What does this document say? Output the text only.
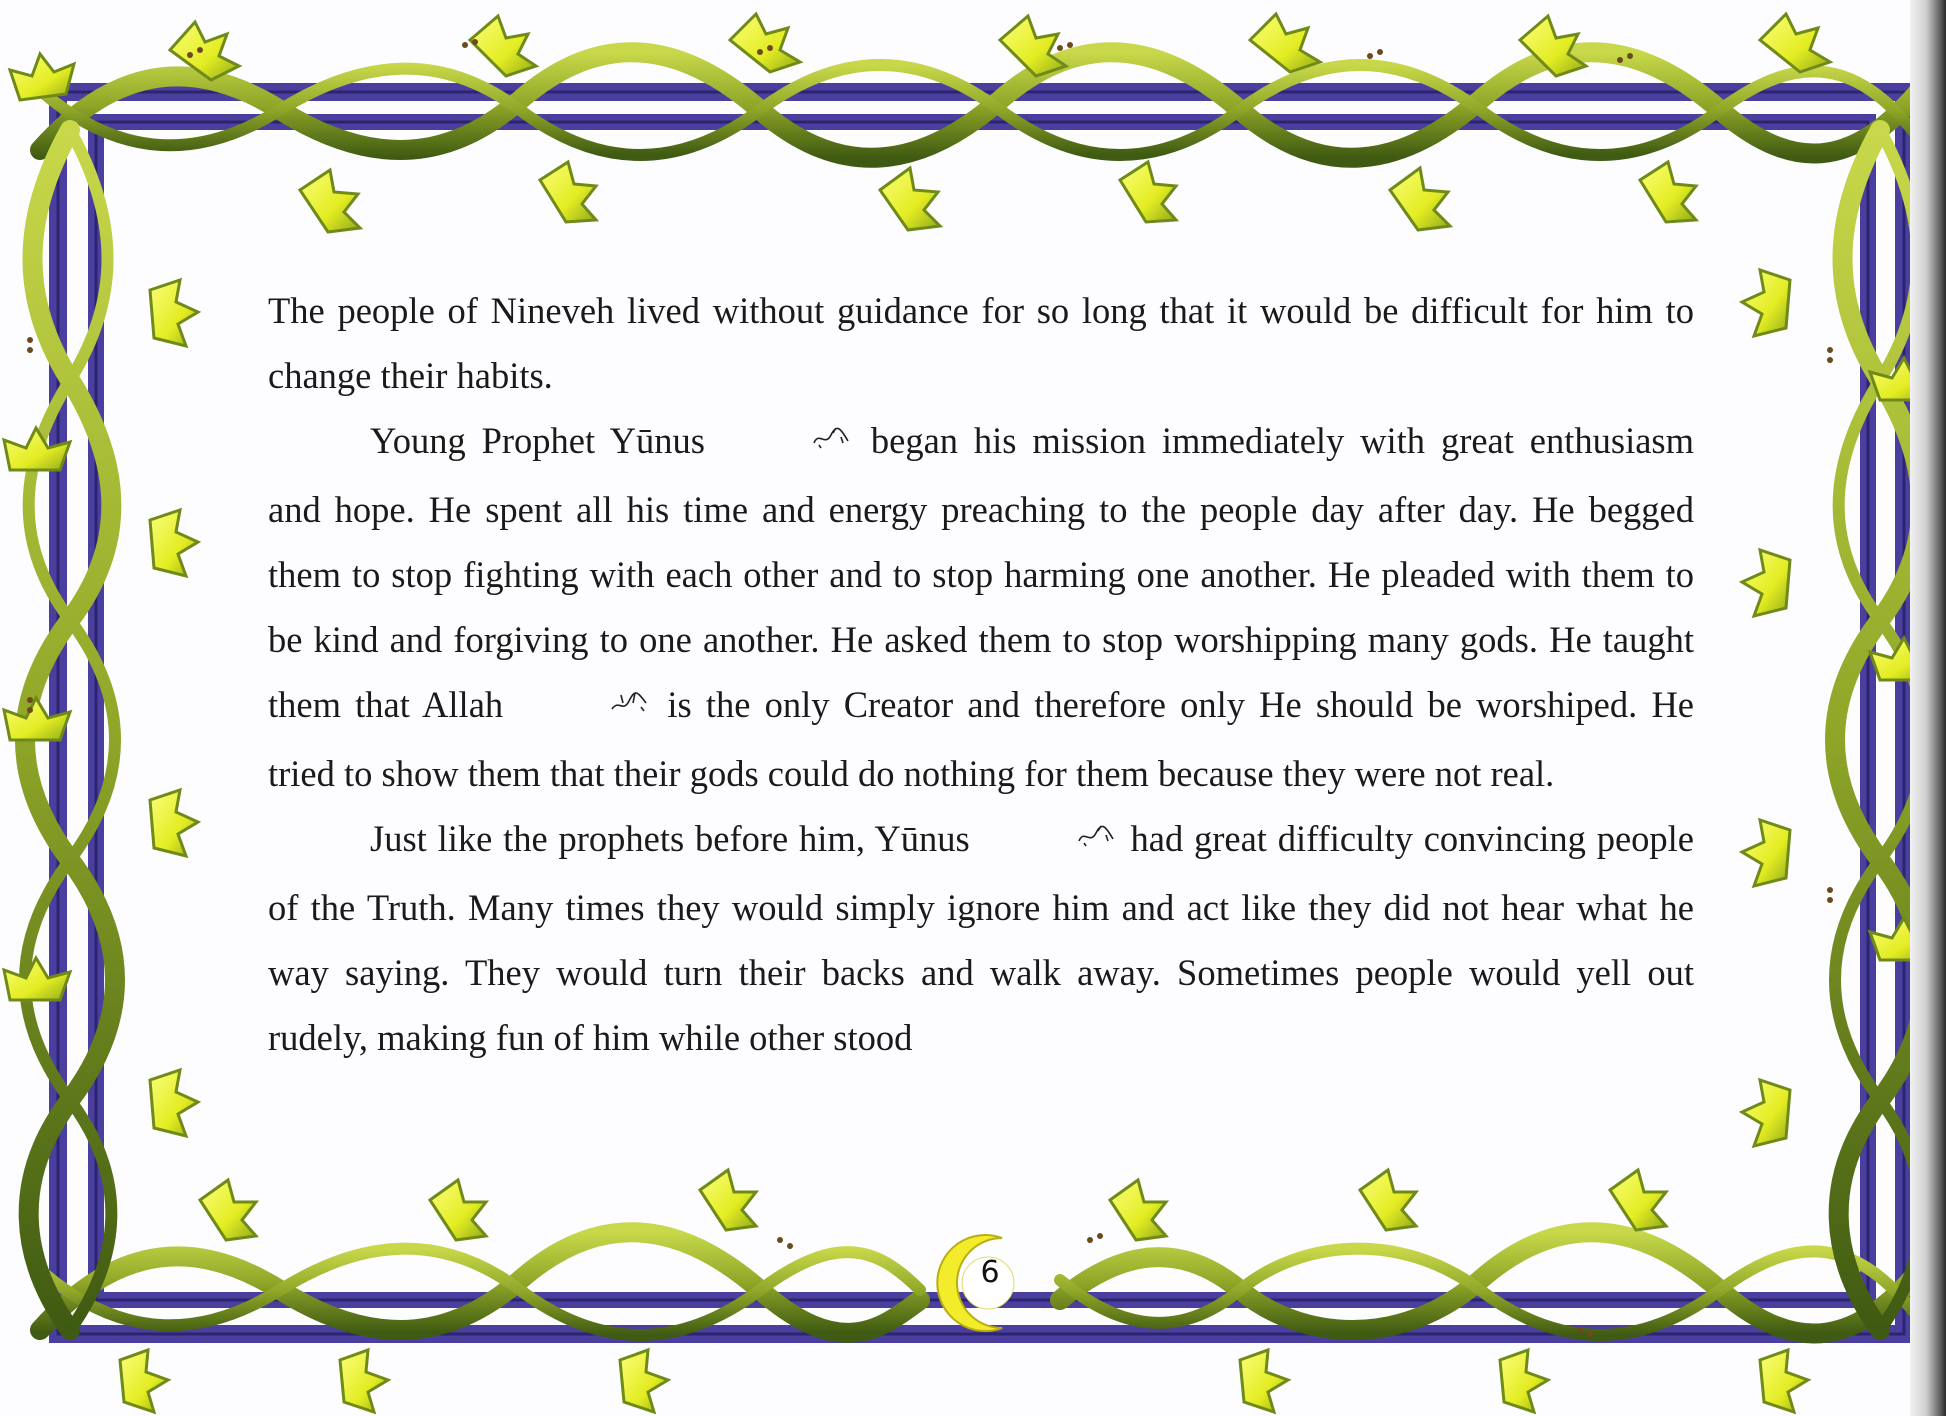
The people of Nineveh lived without guidance for so long that it would be difficult for him to change their habits.

Young Prophet Yūnus	began his mission immediately with great enthusiasm and hope. He spent all his time and energy preaching to the people day after day. He begged them to stop fighting with each other and to stop harming one another. He pleaded with them to be kind and forgiving to one another. He asked them to stop worshipping many gods. He taught them that Allah	is the only Creator and therefore only He should be worshiped. He tried to show them that their gods could do nothing for them because they were not real.

Just like the prophets before him, Yūnus	had great difficulty convincing people of the Truth. Many times they would simply ignore him and act like they did not hear what he way saying. They would turn their backs and walk away. Sometimes people would yell out rudely, making fun of him while other stood

6
